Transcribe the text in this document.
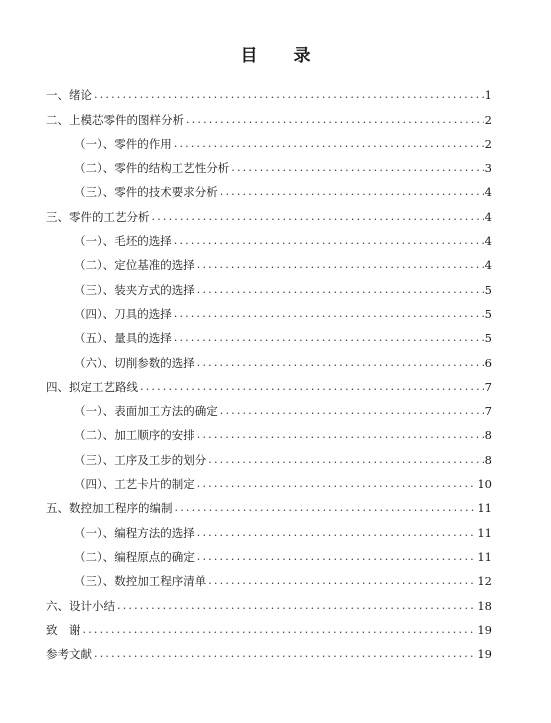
目 录
一、绪论 .....	1
二、上模芯零件的图样分析 .....	2
（一）、零件的作用 .....	2
（二）、零件的结构工艺性分析 .....	3
（三）、零件的技术要求分析 .....	4
三、零件的工艺分析 .....	4
（一）、毛坯的选择 .....	4
（二）、定位基准的选择 .....	4
（三）、装夹方式的选择 .....	5
（四）、刀具的选择 .....	5
（五）、量具的选择 .....	5
（六）、切削参数的选择 .....	6
四、拟定工艺路线 .....	7
（一）、表面加工方法的确定 .....	7
（二）、加工顺序的安排 .....	8
（三）、工序及工步的划分 .....	8
（四）、工艺卡片的制定 .....	10
五、数控加工程序的编制 .....	11
（一）、编程方法的选择 .....	11
（二）、编程原点的确定 .....	11
（三）、数控加工程序清单 .....	12
六、设计小结 .....	18
致　谢 .....	19
参考文献 .....	19
